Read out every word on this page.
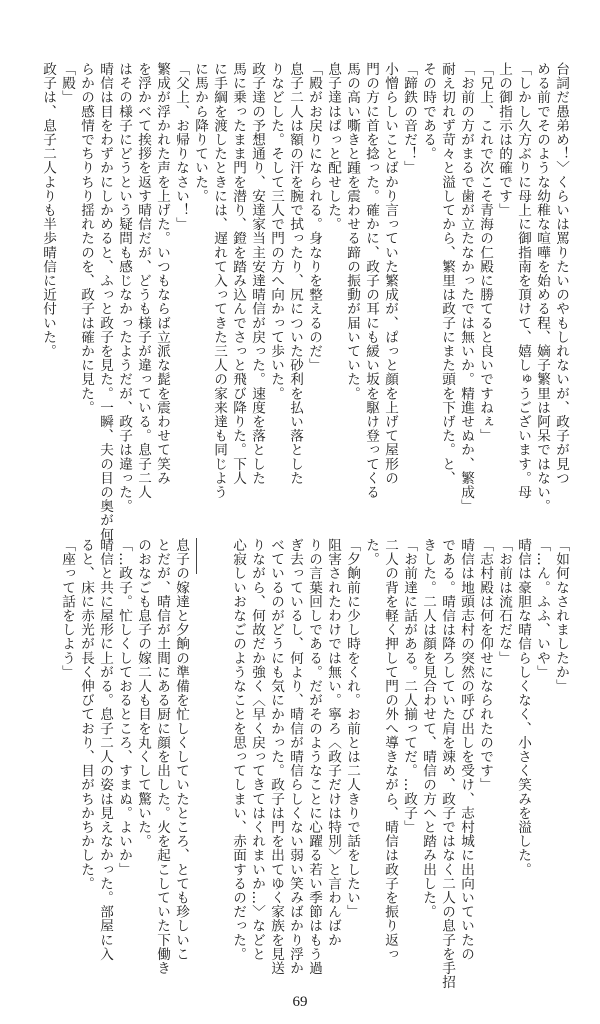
台詞だ愚弟め！〉くらいは罵りたいのやもしれないが、政子が見つ
める前でそのような幼稚な喧嘩を始める程、嫡子繁里は阿呆ではない。
「しかし久方ぶりに母上に御指南を頂けて、嬉しゅうございます。母
上の御指示は的確です」
「兄上、これで次こそ青海の仁殿に勝てると良いですねぇ」
「お前の方がまるで歯が立たなかったでは無いか。精進せぬか、繁成」
耐え切れず苛々と溢してから、繁里は政子にまた頭を下げた。と、
その時である。
「蹄鉄の音だ！」
小憎らしいことばかり言っていた繁成が、ぱっと顔を上げて屋形の
門の方に首を捻った。確かに、政子の耳にも緩い坂を駆け登ってくる
馬の高い嘶きと踵を震わせる蹄の振動が届いていた。
息子達はぱっと配せした。
「殿がお戻りになられる。身なりを整えるのだ」
息子二人は額の汗を腕で拭ったり、尻についた砂利を払い落とした
りなどした。そして三人で門の方へ向かって歩いた。
政子達の予想通り、安達家当主安達晴信が戻った。速度を落とした
馬に乗ったまま門を潜り、鐙を踏み込んでさっと飛び降りた。下人
に手綱を渡したときには、遅れて入ってきた三人の家来達も同じよう
に馬から降りていた。
「父上、お帰りなさい！」
繁成が浮かれた声を上げた。いつもならば立派な髭を震わせて笑み
を浮かべて挨拶を返す晴信だが、どうも様子が違っている。息子二人
はその様子にどうという疑問も感じなかったようだが、政子は違った。
晴信は目をわずかにしかめると、ふっと政子を見た。一瞬、夫の目の奥が何
らかの感情でちりちり揺れたのを、政子は確かに見た。
「殿」
政子は、息子二人よりも半歩晴信に近付いた。
「如何なされましたか」
「…ん。ふふ、いや」
晴信は豪胆な晴信らしくなく、小さく笑みを溢した。
「お前は流石だな」
「志村殿は何を仰せになられたのです」
晴信は地頭志村の突然の呼び出しを受け、志村城に出向いていたの
である。晴信は降ろしていた肩を竦め、政子ではなく二人の息子を手招
きした。二人は顔を見合わせて、晴信の方へと踏み出した。
「お前達に話がある。二人揃ってだ。…政子」
二人の背を軽く押して門の外へ導きながら、晴信は政子を振り返っ
た。
「夕餉前に少し時をくれ。お前とは二人きりで話をしたい」
阻害されたわけでは無い。寧ろ〈政子だけは特別〉と言わんばか
りの言葉回しである。だがそのようなことに心躍る若い季節はもう過
ぎ去っているし、何より、晴信が晴信らしくない弱い笑みばかり浮か
べているのがどうにも気にかかった。政子は門を出てゆく家族を見送
りながら、何故だか強く〈早く戻ってきてはくれまいか…〉などと
心寂しいおなごのようなことを思ってしまい、赤面するのだった。

息子の嫁達と夕餉の準備を忙しくしていたところ、とても珍しいこ
とだが、晴信が土間にある厨に顔を出した。火を起こしていた下働き
のおなごも息子の嫁二人も目を丸くして驚いた。
「…政子。忙しくしておるところ、すまぬ。よいか」
晴信と共に屋形に上がる。息子二人の姿は見えなかった。部屋に入
ると、床に赤光が長く伸びており、目がちかちかした。
「座って話をしよう」
69
